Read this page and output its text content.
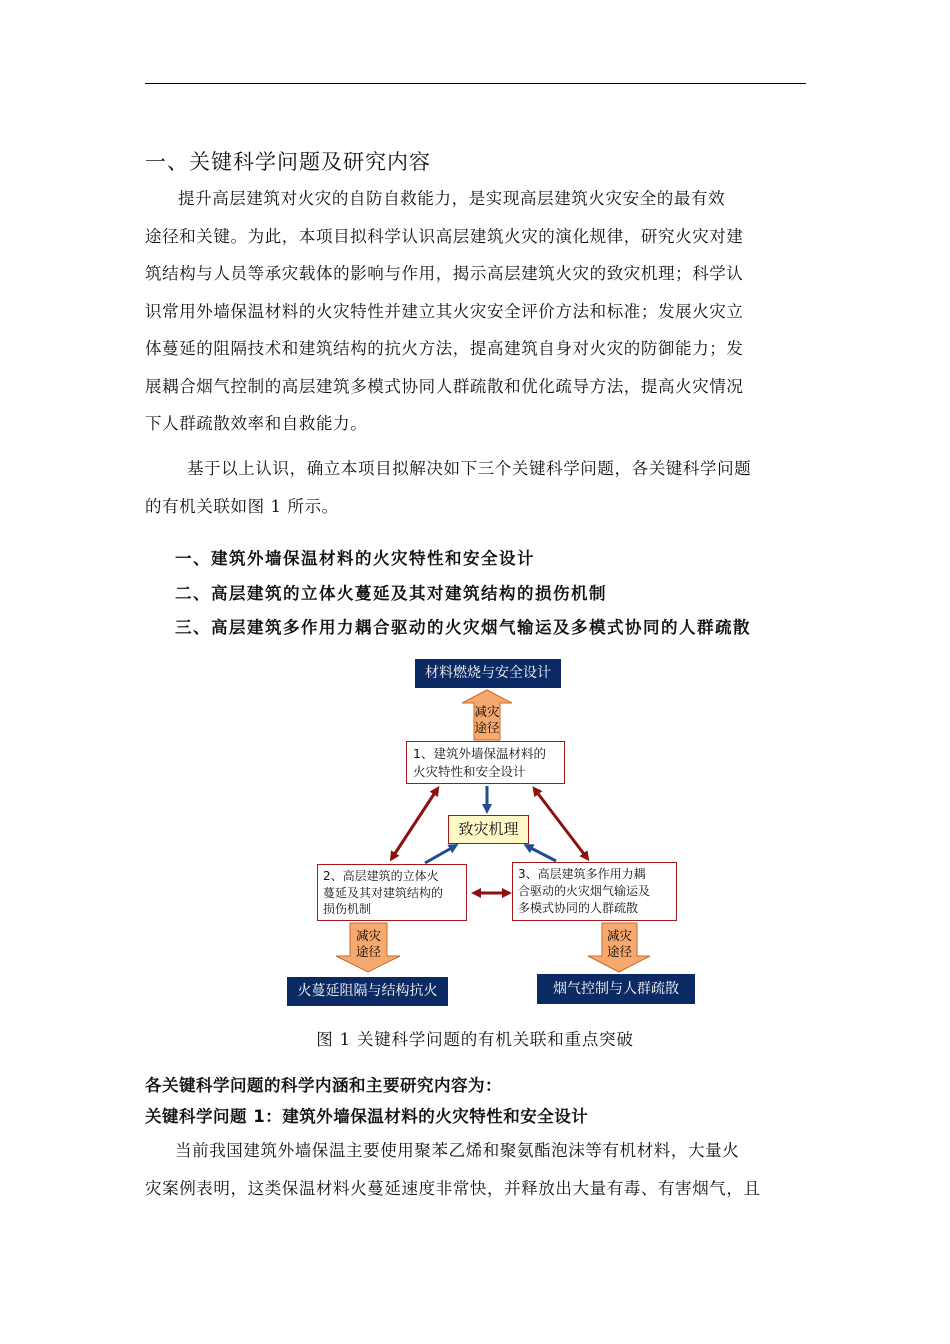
一、关键科学问题及研究内容
提升高层建筑对火灾的自防自救能力，是实现高层建筑火灾安全的最有效
途径和关键。为此，本项目拟科学认识高层建筑火灾的演化规律，研究火灾对建
筑结构与人员等承灾载体的影响与作用，揭示高层建筑火灾的致灾机理；科学认
识常用外墙保温材料的火灾特性并建立其火灾安全评价方法和标准；发展火灾立
体蔓延的阻隔技术和建筑结构的抗火方法，提高建筑自身对火灾的防御能力；发
展耦合烟气控制的高层建筑多模式协同人群疏散和优化疏导方法，提高火灾情况
下人群疏散效率和自救能力。
基于以上认识，确立本项目拟解决如下三个关键科学问题，各关键科学问题
的有机关联如图 1 所示。
一、建筑外墙保温材料的火灾特性和安全设计
二、高层建筑的立体火蔓延及其对建筑结构的损伤机制
三、高层建筑多作用力耦合驱动的火灾烟气输运及多模式协同的人群疏散
材料燃烧与安全设计
减灾
途径
1、建筑外墙保温材料的
火灾特性和安全设计
致灾机理
2、高层建筑的立体火
蔓延及其对建筑结构的
损伤机制
3、高层建筑多作用力耦
合驱动的火灾烟气输运及
多模式协同的人群疏散
减灾
途径
减灾
途径
火蔓延阻隔与结构抗火	烟气控制与人群疏散
图 1 关键科学问题的有机关联和重点突破
各关键科学问题的科学内涵和主要研究内容为：
关键科学问题 1：建筑外墙保温材料的火灾特性和安全设计
当前我国建筑外墙保温主要使用聚苯乙烯和聚氨酯泡沫等有机材料，大量火
灾案例表明，这类保温材料火蔓延速度非常快，并释放出大量有毒、有害烟气，且
